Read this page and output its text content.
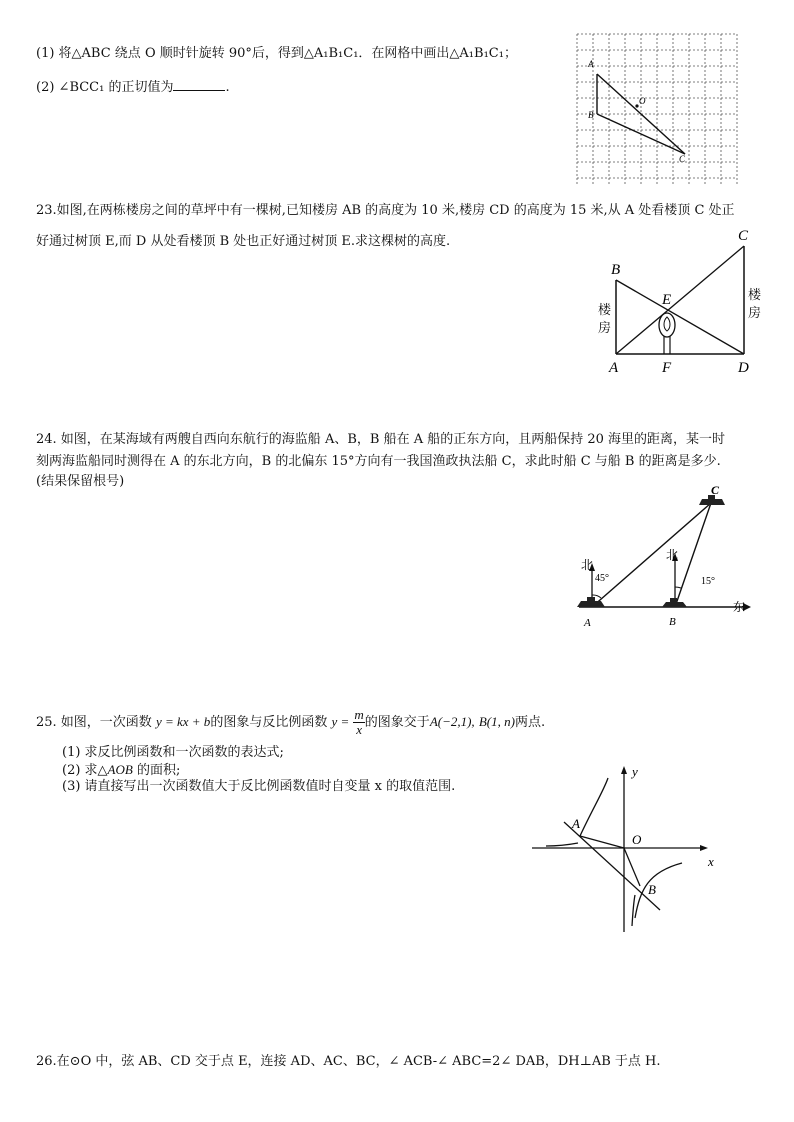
(1) 将△ABC 绕点 O 顺时针旋转 90°后，得到△A₁B₁C₁．在网格中画出△A₁B₁C₁；
(2) ∠BCC₁ 的正切值为	.
A
B
O
C
23.如图,在两栋楼房之间的草坪中有一棵树,已知楼房 AB 的高度为 10 米,楼房 CD 的高度为 15 米,从 A 处看楼顶 C 处正
好通过树顶 E,而 D 从处看楼顶 B 处也正好通过树顶 E.求这棵树的高度.
B
C
E
A	F	D
楼房
楼房
24. 如图，在某海域有两艘自西向东航行的海监船 A、B，B 船在 A 船的正东方向，且两船保持 20 海里的距离，某一时
刻两海监船同时测得在 A 的东北方向，B 的北偏东 15°方向有一我国渔政执法船 C，求此时船 C 与船 B 的距离是多少.
(结果保留根号)
北
北
45°	15°
东
A	B
C
25. 如图，一次函数 y = kx + b的图象与反比例函数 $y = \frac{m}{x}$ 的图象交于A(−2,1), B(1, n)两点.
(1) 求反比例函数和一次函数的表达式;
(2) 求△AOB 的面积;
(3) 请直接写出一次函数值大于反比例函数值时自变量 x 的取值范围.
A
O
B
x
y
26.在⊙O 中，弦 AB、CD 交于点 E，连接 AD、AC、BC，∠ ACB-∠ ABC=2∠ DAB，DH⊥AB 于点 H.
